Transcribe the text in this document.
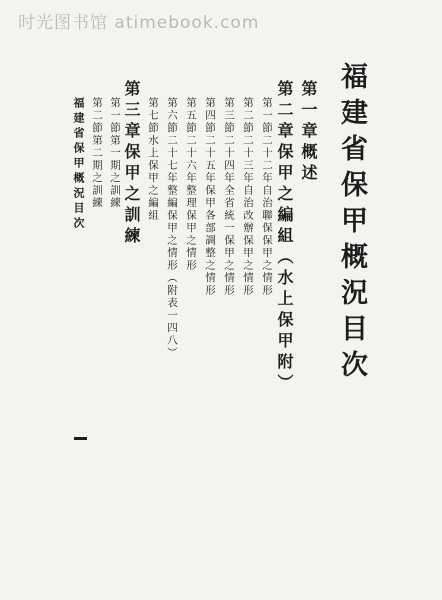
时光图书馆 atimebook.com
福建省保甲概況目次
第一章概述
第二章保甲之編組（水上保甲附）
第一節二十二年自治聯保保甲之情形
第二節二十三年自治改辦保甲之情形
第三節二十四年全省統一保甲之情形
第四節二十五年保甲各部調整之情形
第五節二十六年整理保甲之情形
第六節二十七年整編保甲之情形（附表一四八）
第七節水上保甲之編組
第三章保甲之訓練
第一節第一期之訓練
第二節第二期之訓練
福建省保甲概況目次
